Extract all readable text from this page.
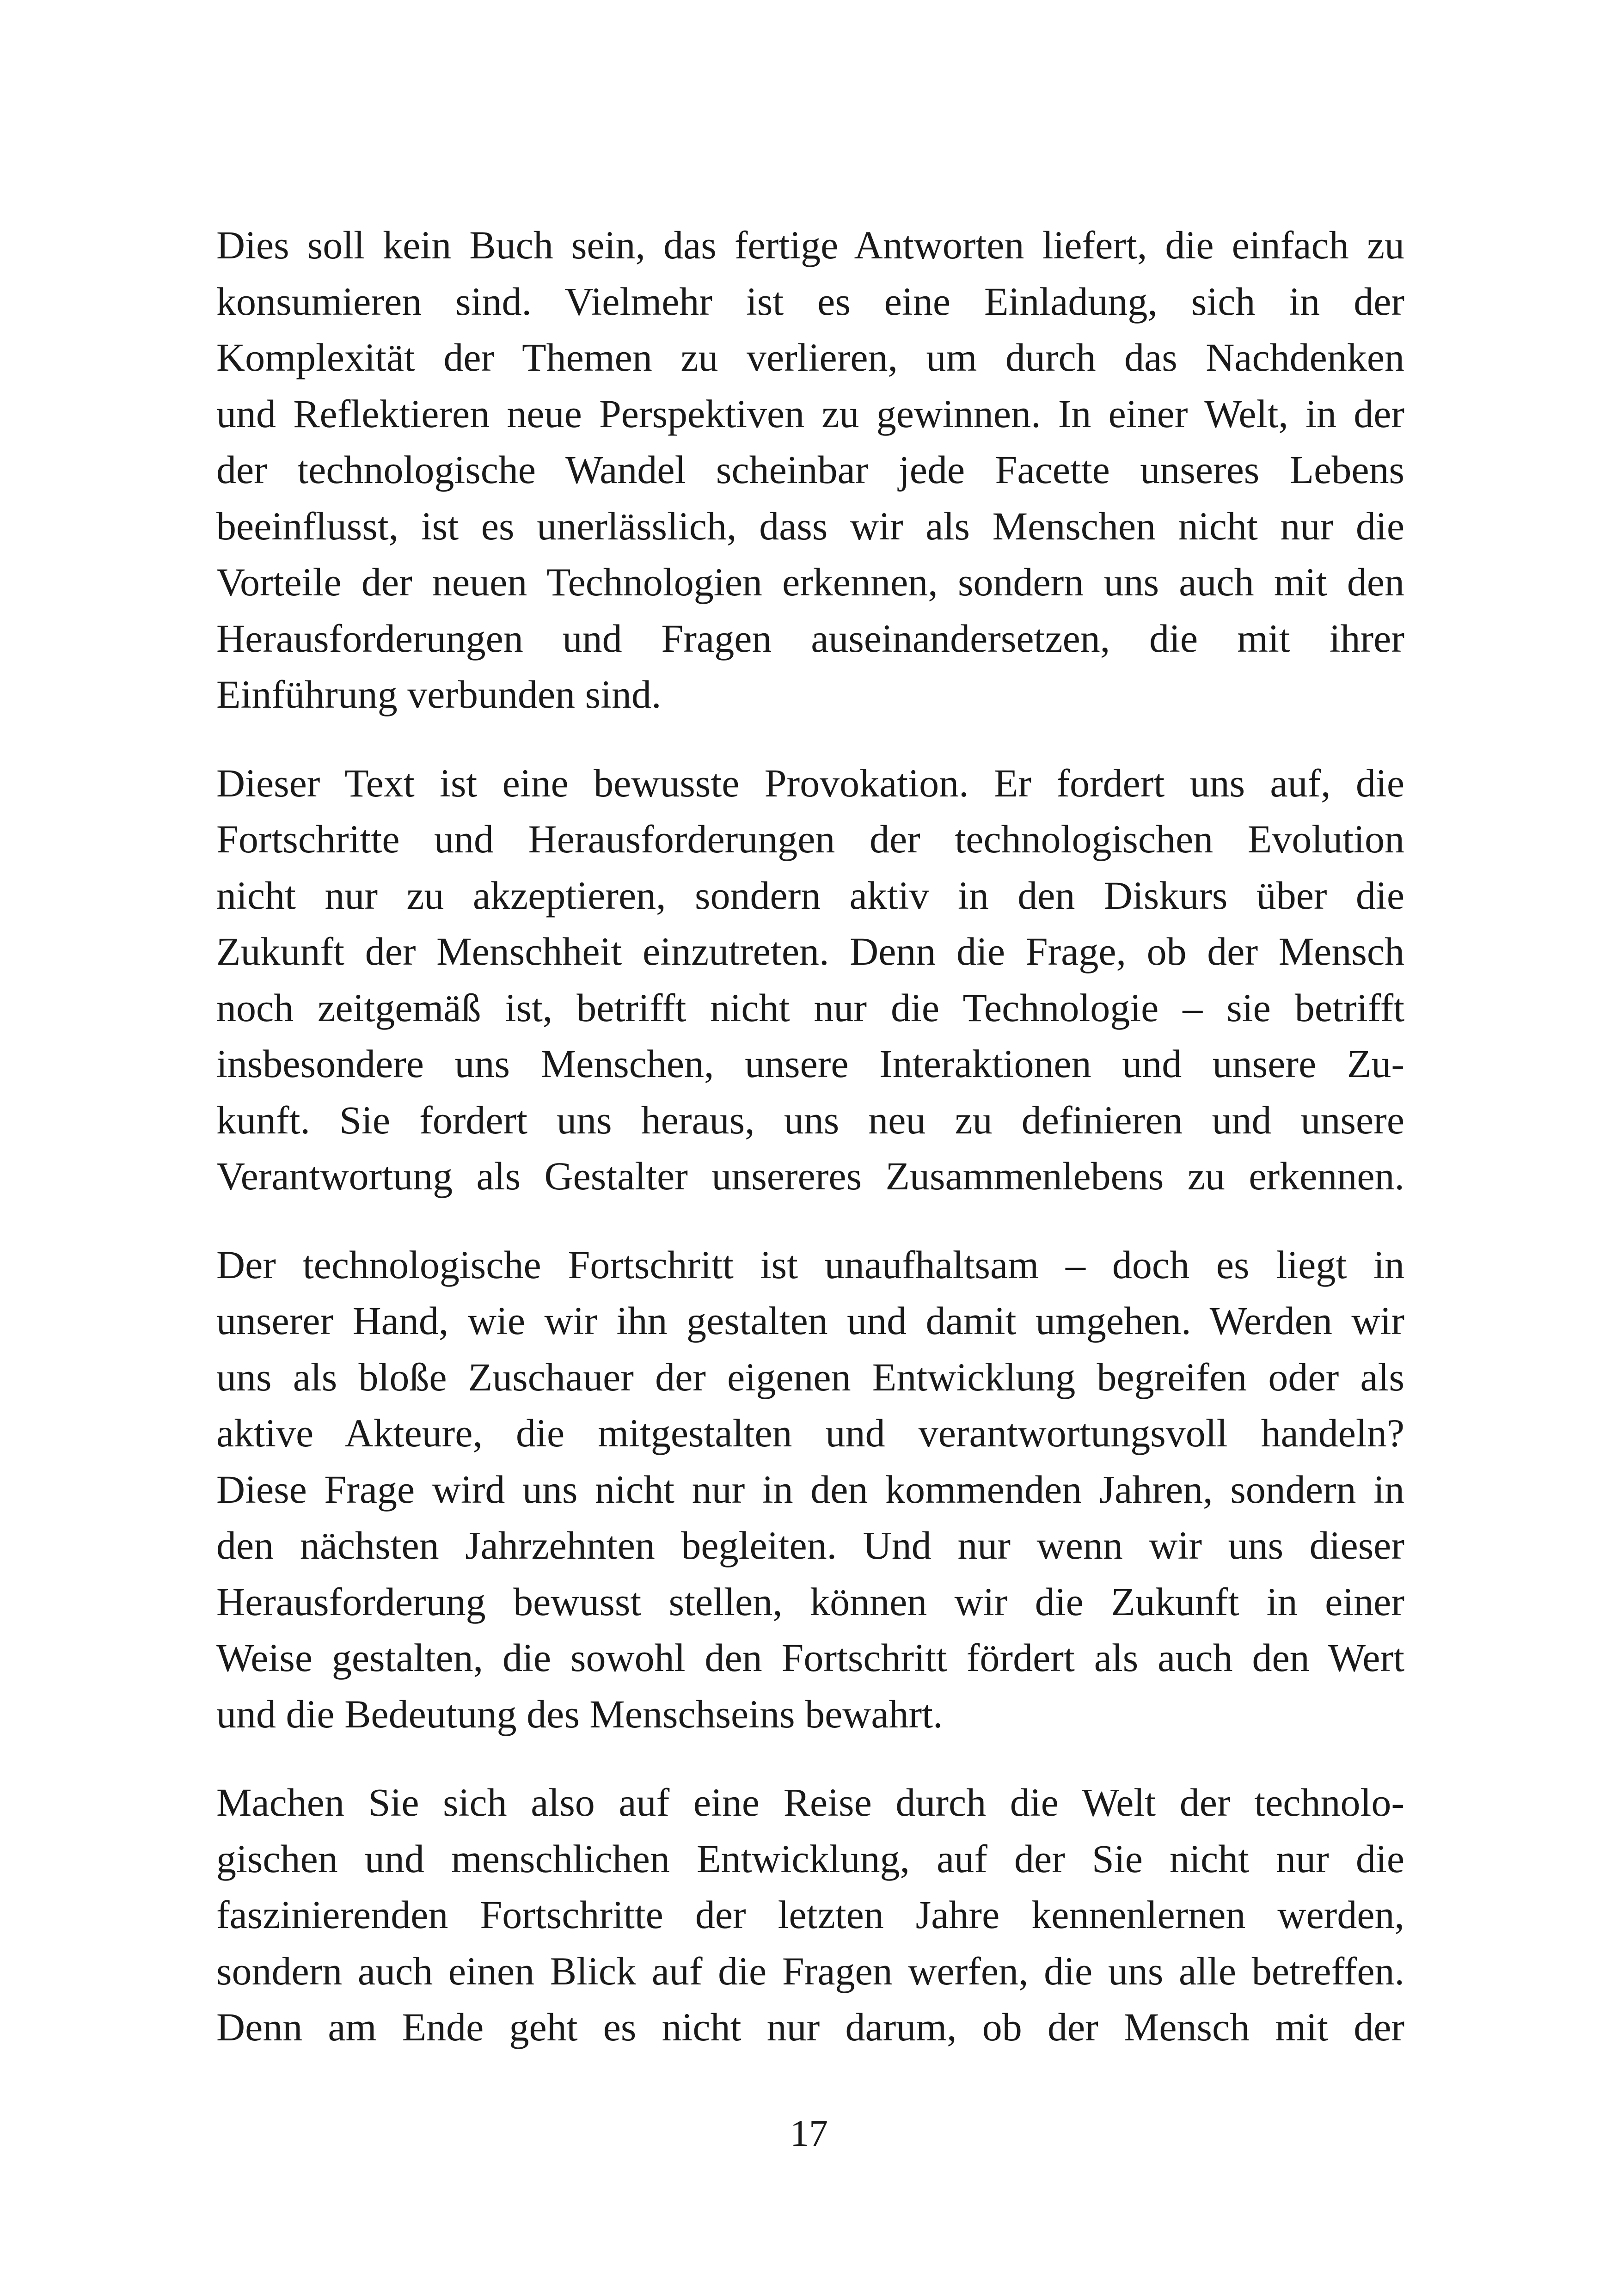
Dies soll kein Buch sein, das fertige Antworten liefert, die einfach zu
konsumieren sind. Vielmehr ist es eine Einladung, sich in der
Komplexität der Themen zu verlieren, um durch das Nachdenken
und Reflektieren neue Perspektiven zu gewinnen. In einer Welt, in der
der technologische Wandel scheinbar jede Facette unseres Lebens
beeinflusst, ist es unerlässlich, dass wir als Menschen nicht nur die
Vorteile der neuen Technologien erkennen, sondern uns auch mit den
Herausforderungen und Fragen auseinandersetzen, die mit ihrer
Einführung verbunden sind.
Dieser Text ist eine bewusste Provokation. Er fordert uns auf, die
Fortschritte und Herausforderungen der technologischen Evolution
nicht nur zu akzeptieren, sondern aktiv in den Diskurs über die
Zukunft der Menschheit einzutreten. Denn die Frage, ob der Mensch
noch zeitgemäß ist, betrifft nicht nur die Technologie – sie betrifft
insbesondere uns Menschen, unsere Interaktionen und unsere Zu-
kunft. Sie fordert uns heraus, uns neu zu definieren und unsere
Verantwortung als Gestalter unsereres Zusammenlebens zu erkennen.
Der technologische Fortschritt ist unaufhaltsam – doch es liegt in
unserer Hand, wie wir ihn gestalten und damit umgehen. Werden wir
uns als bloße Zuschauer der eigenen Entwicklung begreifen oder als
aktive Akteure, die mitgestalten und verantwortungsvoll handeln?
Diese Frage wird uns nicht nur in den kommenden Jahren, sondern in
den nächsten Jahrzehnten begleiten. Und nur wenn wir uns dieser
Herausforderung bewusst stellen, können wir die Zukunft in einer
Weise gestalten, die sowohl den Fortschritt fördert als auch den Wert
und die Bedeutung des Menschseins bewahrt.
Machen Sie sich also auf eine Reise durch die Welt der technolo-
gischen und menschlichen Entwicklung, auf der Sie nicht nur die
faszinierenden Fortschritte der letzten Jahre kennenlernen werden,
sondern auch einen Blick auf die Fragen werfen, die uns alle betreffen.
Denn am Ende geht es nicht nur darum, ob der Mensch mit der
17
